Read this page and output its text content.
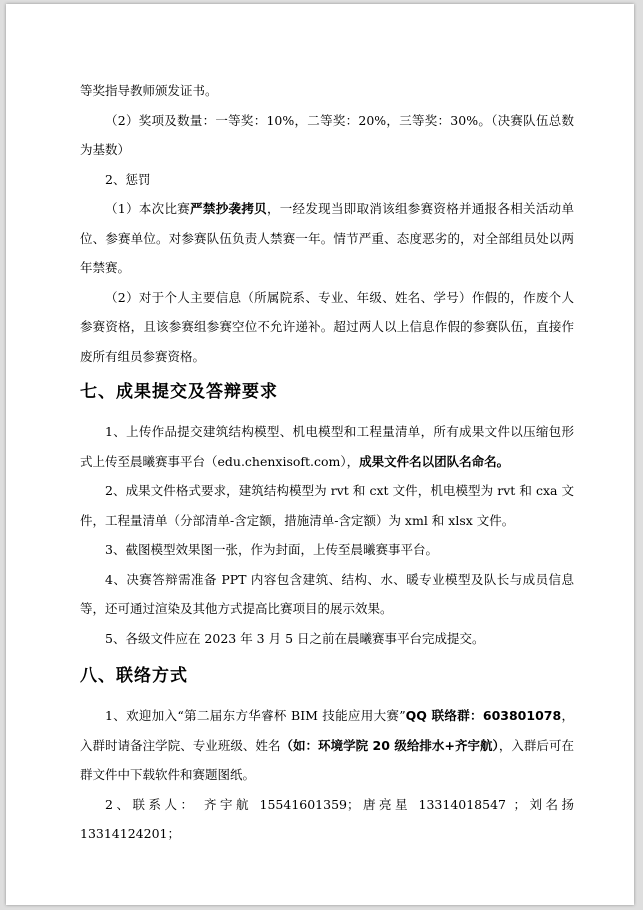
等奖指导教师颁发证书。

（2）奖项及数量：一等奖：10%，二等奖：20%，三等奖：30%。（决赛队伍总数为基数）

2、惩罚

（1）本次比赛严禁抄袭拷贝，一经发现当即取消该组参赛资格并通报各相关活动单位、参赛单位。对参赛队伍负责人禁赛一年。情节严重、态度恶劣的，对全部组员处以两年禁赛。

（2）对于个人主要信息（所属院系、专业、年级、姓名、学号）作假的，作废个人参赛资格，且该参赛组参赛空位不允许递补。超过两人以上信息作假的参赛队伍，直接作废所有组员参赛资格。

七、成果提交及答辩要求

1、上传作品提交建筑结构模型、机电模型和工程量清单，所有成果文件以压缩包形式上传至晨曦赛事平台（edu.chenxisoft.com），成果文件名以团队名命名。

2、成果文件格式要求，建筑结构模型为 rvt 和 cxt 文件，机电模型为 rvt 和 cxa 文件，工程量清单（分部清单-含定额，措施清单-含定额）为 xml 和 xlsx 文件。

3、截图模型效果图一张，作为封面，上传至晨曦赛事平台。

4、决赛答辩需准备 PPT 内容包含建筑、结构、水、暖专业模型及队长与成员信息等，还可通过渲染及其他方式提高比赛项目的展示效果。

5、各级文件应在 2023 年 3 月 5 日之前在晨曦赛事平台完成提交。

八、联络方式

1、欢迎加入“第二届东方华睿杯 BIM 技能应用大赛”QQ 联络群：603801078，入群时请备注学院、专业班级、姓名（如：环境学院 20 级给排水+齐宇航），入群后可在群文件中下载软件和赛题图纸。

2、联系人： 齐宇航 15541601359；唐亮星 13314018547 ；刘名扬 13314124201；
